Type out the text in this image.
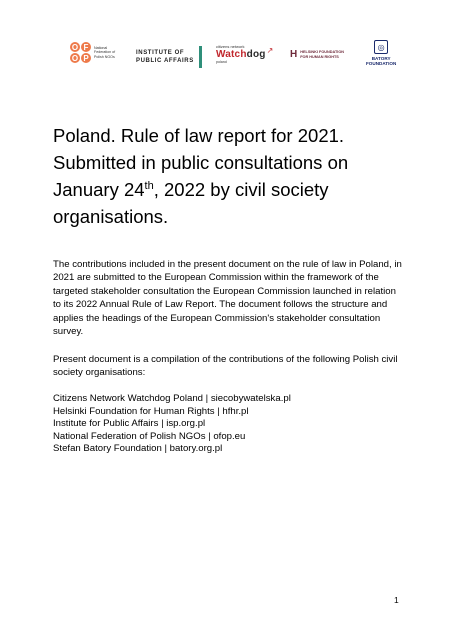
O F
O P
National Federation of Polish NGOs
INSTITUTE OF
PUBLIC AFFAIRS
citizens network
Watchdog
poland
↗ H HELSINKI FOUNDATION
FOR HUMAN RIGHTS
◎
BATORY
FOUNDATION
Poland. Rule of law report for 2021. Submitted in public consultations on January 24th, 2022 by civil society organisations.

The contributions included in the present document on the rule of law in Poland, in 2021 are submitted to the European Commission within the framework of the targeted stakeholder consultation the European Commission launched in relation to its 2022 Annual Rule of Law Report. The document follows the structure and applies the headings of the European Commission's stakeholder consultation survey.

Present document is a compilation of the contributions of the following Polish civil society organisations:

Citizens Network Watchdog Poland | siecobywatelska.pl
Helsinki Foundation for Human Rights | hfhr.pl
Institute for Public Affairs | isp.org.pl
National Federation of Polish NGOs | ofop.eu
Stefan Batory Foundation | batory.org.pl
1
